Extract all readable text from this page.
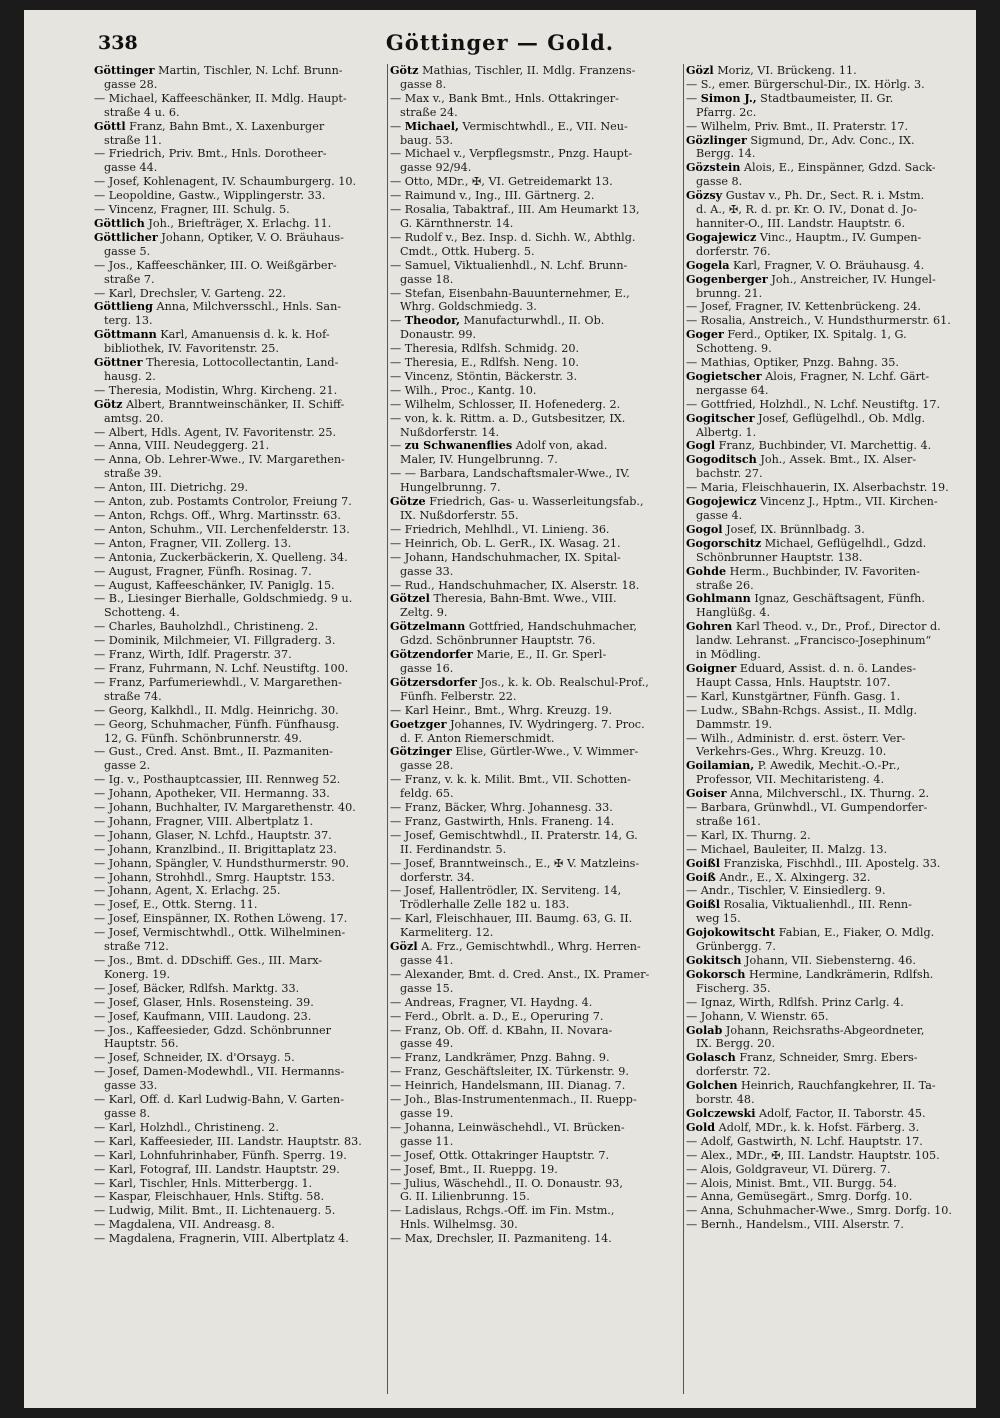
338	Göttinger — Gold.
Göttinger Martin, Tischler, N. Lchf. Brunn-
gasse 28.
— Michael, Kaffeeschänker, II. Mdlg. Haupt-
straße 4 u. 6.
Göttl Franz, Bahn Bmt., X. Laxenburger
straße 11.
— Friedrich, Priv. Bmt., Hnls. Dorotheer-
gasse 44.
— Josef, Kohlenagent, IV. Schaumburgerg. 10.
— Leopoldine, Gastw., Wipplingerstr. 33.
— Vincenz, Fragner, III. Schulg. 5.
Göttlich Joh., Briefträger, X. Erlachg. 11.
Göttlicher Johann, Optiker, V. O. Bräuhaus-
gasse 5.
— Jos., Kaffeeschänker, III. O. Weißgärber-
straße 7.
— Karl, Drechsler, V. Garteng. 22.
Göttlieng Anna, Milchversschl., Hnls. San-
terg. 13.
Göttmann Karl, Amanuensis d. k. k. Hof-
bibliothek, IV. Favoritenstr. 25.
Göttner Theresia, Lottocollectantin, Land-
hausg. 2.
— Theresia, Modistin, Whrg. Kircheng. 21.
Götz Albert, Branntweinschänker, II. Schiff-
amtsg. 20.
— Albert, Hdls. Agent, IV. Favoritenstr. 25.
— Anna, VIII. Neudeggerg. 21.
— Anna, Ob. Lehrer-Wwe., IV. Margarethen-
straße 39.
— Anton, III. Dietrichg. 29.
— Anton, zub. Postamts Controlor, Freiung 7.
— Anton, Rchgs. Off., Whrg. Martinsstr. 63.
— Anton, Schuhm., VII. Lerchenfelderstr. 13.
— Anton, Fragner, VII. Zollerg. 13.
— Antonia, Zuckerbäckerin, X. Quelleng. 34.
— August, Fragner, Fünfh. Rosinag. 7.
— August, Kaffeeschänker, IV. Paniglg. 15.
— B., Liesinger Bierhalle, Goldschmiedg. 9 u.
Schotteng. 4.
— Charles, Bauholzhdl., Christineng. 2.
— Dominik, Milchmeier, VI. Fillgraderg. 3.
— Franz, Wirth, Idlf. Pragerstr. 37.
— Franz, Fuhrmann, N. Lchf. Neustiftg. 100.
— Franz, Parfumeriewhdl., V. Margarethen-
straße 74.
— Georg, Kalkhdl., II. Mdlg. Heinrichg. 30.
— Georg, Schuhmacher, Fünfh. Fünfhausg.
12, G. Fünfh. Schönbrunnerstr. 49.
— Gust., Cred. Anst. Bmt., II. Pazmaniten-
gasse 2.
— Ig. v., Posthauptcassier, III. Rennweg 52.
— Johann, Apotheker, VII. Hermanng. 33.
— Johann, Buchhalter, IV. Margarethenstr. 40.
— Johann, Fragner, VIII. Albertplatz 1.
— Johann, Glaser, N. Lchfd., Hauptstr. 37.
— Johann, Kranzlbind., II. Brigittaplatz 23.
— Johann, Spängler, V. Hundsthurmerstr. 90.
— Johann, Strohhdl., Smrg. Hauptstr. 153.
— Johann, Agent, X. Erlachg. 25.
— Josef, E., Ottk. Sterng. 11.
— Josef, Einspänner, IX. Rothen Löweng. 17.
— Josef, Vermischtwhdl., Ottk. Wilhelminen-
straße 712.
— Jos., Bmt. d. DDschiff. Ges., III. Marx-
Konerg. 19.
— Josef, Bäcker, Rdlfsh. Marktg. 33.
— Josef, Glaser, Hnls. Rosensteing. 39.
— Josef, Kaufmann, VIII. Laudong. 23.
— Jos., Kaffeesieder, Gdzd. Schönbrunner
Hauptstr. 56.
— Josef, Schneider, IX. d'Orsayg. 5.
— Josef, Damen-Modewhdl., VII. Hermanns-
gasse 33.
— Karl, Off. d. Karl Ludwig-Bahn, V. Garten-
gasse 8.
— Karl, Holzhdl., Christineng. 2.
— Karl, Kaffeesieder, III. Landstr. Hauptstr. 83.
— Karl, Lohnfuhrinhaber, Fünfh. Sperrg. 19.
— Karl, Fotograf, III. Landstr. Hauptstr. 29.
— Karl, Tischler, Hnls. Mitterbergg. 1.
— Kaspar, Fleischhauer, Hnls. Stiftg. 58.
— Ludwig, Milit. Bmt., II. Lichtenauerg. 5.
— Magdalena, VII. Andreasg. 8.
— Magdalena, Fragnerin, VIII. Albertplatz 4.
Götz Mathias, Tischler, II. Mdlg. Franzens-
gasse 8.
— Max v., Bank Bmt., Hnls. Ottakringer-
straße 24.
— Michael, Vermischtwhdl., E., VII. Neu-
baug. 53.
— Michael v., Verpflegsmstr., Pnzg. Haupt-
gasse 92/94.
— Otto, MDr., ✠, VI. Getreidemarkt 13.
— Raimund v., Ing., III. Gärtnerg. 2.
— Rosalia, Tabaktraf., III. Am Heumarkt 13,
G. Kärnthnerstr. 14.
— Rudolf v., Bez. Insp. d. Sichh. W., Abthlg.
Cmdt., Ottk. Huberg. 5.
— Samuel, Viktualienhdl., N. Lchf. Brunn-
gasse 18.
— Stefan, Eisenbahn-Bauunternehmer, E.,
Whrg. Goldschmiedg. 3.
— Theodor, Manufacturwhdl., II. Ob.
Donaustr. 99.
— Theresia, Rdlfsh. Schmidg. 20.
— Theresia, E., Rdlfsh. Neng. 10.
— Vincenz, Stöntin, Bäckerstr. 3.
— Wilh., Proc., Kantg. 10.
— Wilhelm, Schlosser, II. Hofenederg. 2.
— von, k. k. Rittm. a. D., Gutsbesitzer, IX.
Nußdorferstr. 14.
— zu Schwanenflies Adolf von, akad.
Maler, IV. Hungelbrunng. 7.
— — Barbara, Landschaftsmaler-Wwe., IV.
Hungelbrunng. 7.
Götze Friedrich, Gas- u. Wasserleitungsfab.,
IX. Nußdorferstr. 55.
— Friedrich, Mehlhdl., VI. Linieng. 36.
— Heinrich, Ob. L. GerR., IX. Wasag. 21.
— Johann, Handschuhmacher, IX. Spital-
gasse 33.
— Rud., Handschuhmacher, IX. Alserstr. 18.
Götzel Theresia, Bahn-Bmt. Wwe., VIII.
Zeltg. 9.
Götzelmann Gottfried, Handschuhmacher,
Gdzd. Schönbrunner Hauptstr. 76.
Götzendorfer Marie, E., II. Gr. Sperl-
gasse 16.
Götzersdorfer Jos., k. k. Ob. Realschul-Prof.,
Fünfh. Felberstr. 22.
— Karl Heinr., Bmt., Whrg. Kreuzg. 19.
Goetzger Johannes, IV. Wydringerg. 7. Proc.
d. F. Anton Riemerschmidt.
Götzinger Elise, Gürtler-Wwe., V. Wimmer-
gasse 28.
— Franz, v. k. k. Milit. Bmt., VII. Schotten-
feldg. 65.
— Franz, Bäcker, Whrg. Johannesg. 33.
— Franz, Gastwirth, Hnls. Franeng. 14.
— Josef, Gemischtwhdl., II. Praterstr. 14, G.
II. Ferdinandstr. 5.
— Josef, Branntweinsch., E., ✠ V. Matzleins-
dorferstr. 34.
— Josef, Hallentrödler, IX. Serviteng. 14,
Trödlerhalle Zelle 182 u. 183.
— Karl, Fleischhauer, III. Baumg. 63, G. II.
Karmeliterg. 12.
Gözl A. Frz., Gemischtwhdl., Whrg. Herren-
gasse 41.
— Alexander, Bmt. d. Cred. Anst., IX. Pramer-
gasse 15.
— Andreas, Fragner, VI. Haydng. 4.
— Ferd., Obrlt. a. D., E., Operuring 7.
— Franz, Ob. Off. d. KBahn, II. Novara-
gasse 49.
— Franz, Landkrämer, Pnzg. Bahng. 9.
— Franz, Geschäftsleiter, IX. Türkenstr. 9.
— Heinrich, Handelsmann, III. Dianag. 7.
— Joh., Blas-Instrumentenmach., II. Ruepp-
gasse 19.
— Johanna, Leinwäschehdl., VI. Brücken-
gasse 11.
— Josef, Ottk. Ottakringer Hauptstr. 7.
— Josef, Bmt., II. Rueppg. 19.
— Julius, Wäschehdl., II. O. Donaustr. 93,
G. II. Lilienbrunng. 15.
— Ladislaus, Rchgs.-Off. im Fin. Mstm.,
Hnls. Wilhelmsg. 30.
— Max, Drechsler, II. Pazmaniteng. 14.
Gözl Moriz, VI. Brückeng. 11.
— S., emer. Bürgerschul-Dir., IX. Hörlg. 3.
— Simon J., Stadtbaumeister, II. Gr.
Pfarrg. 2c.
— Wilhelm, Priv. Bmt., II. Praterstr. 17.
Gözlinger Sigmund, Dr., Adv. Conc., IX.
Bergg. 14.
Gözstein Alois, E., Einspänner, Gdzd. Sack-
gasse 8.
Gözsy Gustav v., Ph. Dr., Sect. R. i. Mstm.
d. A., ✠, R. d. pr. Kr. O. IV., Donat d. Jo-
hanniter-O., III. Landstr. Hauptstr. 6.
Gogajewicz Vinc., Hauptm., IV. Gumpen-
dorferstr. 76.
Gogela Karl, Fragner, V. O. Bräuhausg. 4.
Gogenberger Joh., Anstreicher, IV. Hungel-
brunng. 21.
— Josef, Fragner, IV. Kettenbrückeng. 24.
— Rosalia, Anstreich., V. Hundsthurmerstr. 61.
Goger Ferd., Optiker, IX. Spitalg. 1, G.
Schotteng. 9.
— Mathias, Optiker, Pnzg. Bahng. 35.
Gogietscher Alois, Fragner, N. Lchf. Gärt-
nergasse 64.
— Gottfried, Holzhdl., N. Lchf. Neustiftg. 17.
Gogitscher Josef, Geflügelhdl., Ob. Mdlg.
Albertg. 1.
Gogl Franz, Buchbinder, VI. Marchettig. 4.
Gogoditsch Joh., Assek. Bmt., IX. Alser-
bachstr. 27.
— Maria, Fleischhauerin, IX. Alserbachstr. 19.
Gogojewicz Vincenz J., Hptm., VII. Kirchen-
gasse 4.
Gogol Josef, IX. Brünnlbadg. 3.
Gogorschitz Michael, Geflügelhdl., Gdzd.
Schönbrunner Hauptstr. 138.
Gohde Herm., Buchbinder, IV. Favoriten-
straße 26.
Gohlmann Ignaz, Geschäftsagent, Fünfh.
Hanglüßg. 4.
Gohren Karl Theod. v., Dr., Prof., Director d.
landw. Lehranst. „Francisco-Josephinum“
in Mödling.
Goigner Eduard, Assist. d. n. ö. Landes-
Haupt Cassa, Hnls. Hauptstr. 107.
— Karl, Kunstgärtner, Fünfh. Gasg. 1.
— Ludw., SBahn-Rchgs. Assist., II. Mdlg.
Dammstr. 19.
— Wilh., Administr. d. erst. österr. Ver-
Verkehrs-Ges., Whrg. Kreuzg. 10.
Goilamian, P. Awedik, Mechit.-O.-Pr.,
Professor, VII. Mechitaristeng. 4.
Goiser Anna, Milchverschl., IX. Thurng. 2.
— Barbara, Grünwhdl., VI. Gumpendorfer-
straße 161.
— Karl, IX. Thurng. 2.
— Michael, Bauleiter, II. Malzg. 13.
Goißl Franziska, Fischhdl., III. Apostelg. 33.
Goiß Andr., E., X. Alxingerg. 32.
— Andr., Tischler, V. Einsiedlerg. 9.
Goißl Rosalia, Viktualienhdl., III. Renn-
weg 15.
Gojokowitscht Fabian, E., Fiaker, O. Mdlg.
Grünbergg. 7.
Gokitsch Johann, VII. Siebensterng. 46.
Gokorsch Hermine, Landkrämerin, Rdlfsh.
Fischerg. 35.
— Ignaz, Wirth, Rdlfsh. Prinz Carlg. 4.
— Johann, V. Wienstr. 65.
Golab Johann, Reichsraths-Abgeordneter,
IX. Bergg. 20.
Golasch Franz, Schneider, Smrg. Ebers-
dorferstr. 72.
Golchen Heinrich, Rauchfangkehrer, II. Ta-
borstr. 48.
Golczewski Adolf, Factor, II. Taborstr. 45.
Gold Adolf, MDr., k. k. Hofst. Färberg. 3.
— Adolf, Gastwirth, N. Lchf. Hauptstr. 17.
— Alex., MDr., ✠, III. Landstr. Hauptstr. 105.
— Alois, Goldgraveur, VI. Dürerg. 7.
— Alois, Minist. Bmt., VII. Burgg. 54.
— Anna, Gemüsegärt., Smrg. Dorfg. 10.
— Anna, Schuhmacher-Wwe., Smrg. Dorfg. 10.
— Bernh., Handelsm., VIII. Alserstr. 7.
